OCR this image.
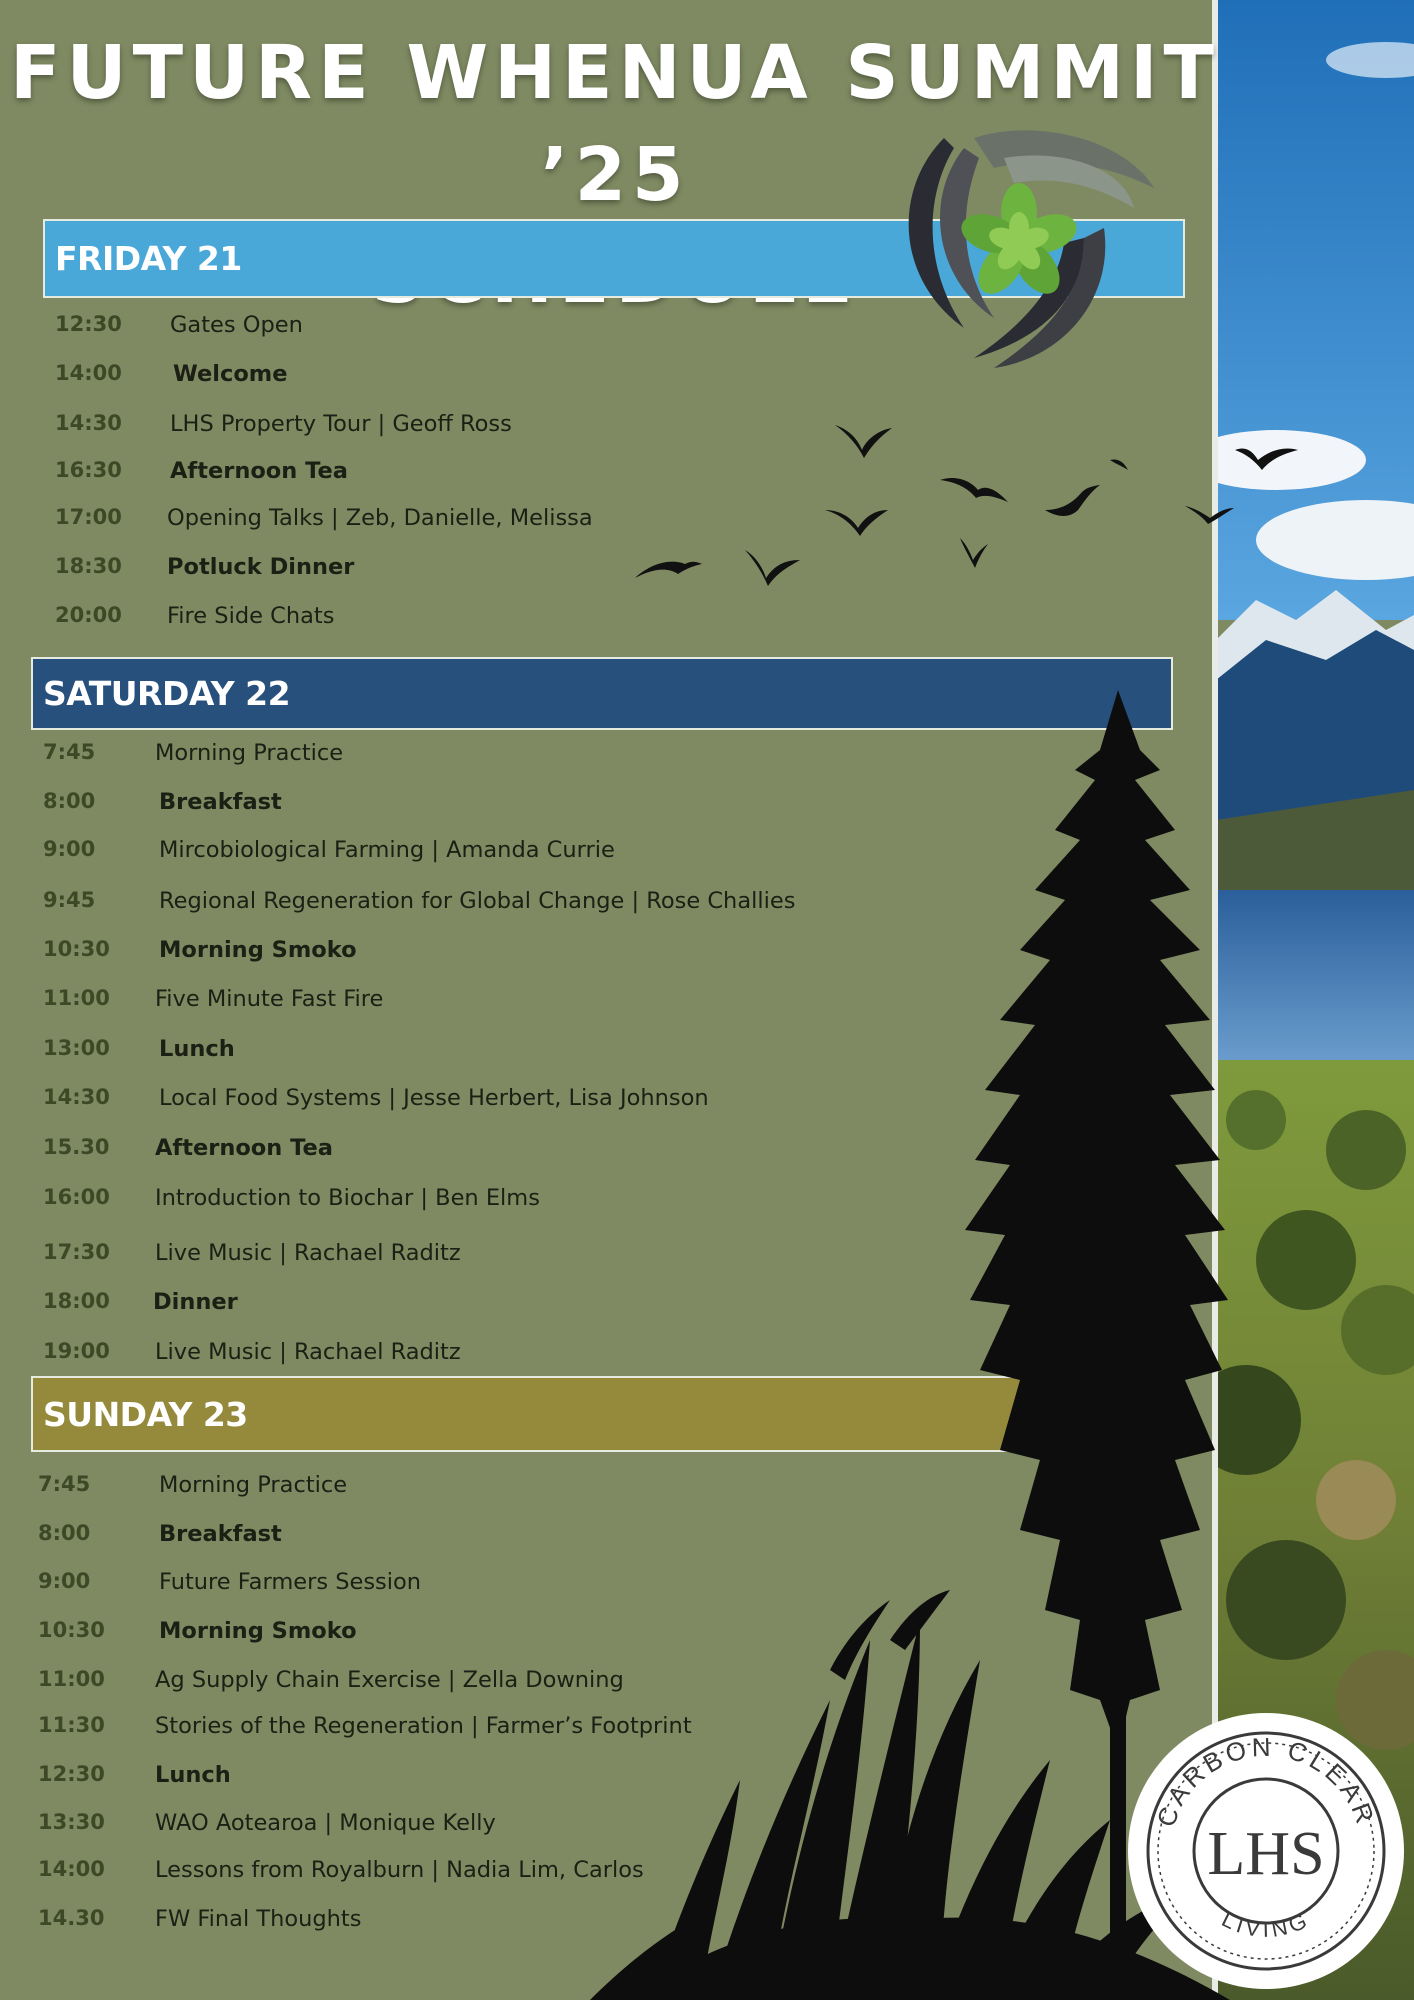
FUTURE WHENUA SUMMIT ’25
FRIDAY 21
SATURDAY 22
SUNDAY 23
CARBON CLEAR
LIVING
LHS
12:30 Gates Open
14:00 Welcome
14:30 LHS Property Tour | Geoff Ross
16:30 Afternoon Tea
17:00 Opening Talks | Zeb, Danielle, Melissa
18:30 Potluck Dinner
20:00 Fire Side Chats
7:45	Morning Practice
8:00	Breakfast
9:00	Mircobiological Farming | Amanda Currie
9:45	Regional Regeneration for Global Change | Rose Challies
10:30 Morning Smoko
11:00 Five Minute Fast Fire
13:00 Lunch
14:30 Local Food Systems | Jesse Herbert, Lisa Johnson
15.30 Afternoon Tea
16:00 Introduction to Biochar | Ben Elms
17:30 Live Music | Rachael Raditz
18:00 Dinner
19:00 Live Music | Rachael Raditz
7:45	Morning Practice
8:00	Breakfast
9:00	Future Farmers Session
10:30 Morning Smoko
11:00 Ag Supply Chain Exercise | Zella Downing
11:30 Stories of the Regeneration | Farmer’s Footprint
12:30 Lunch
13:30 WAO Aotearoa | Monique Kelly
14:00 Lessons from Royalburn | Nadia Lim, Carlos
14.30 FW Final Thoughts
